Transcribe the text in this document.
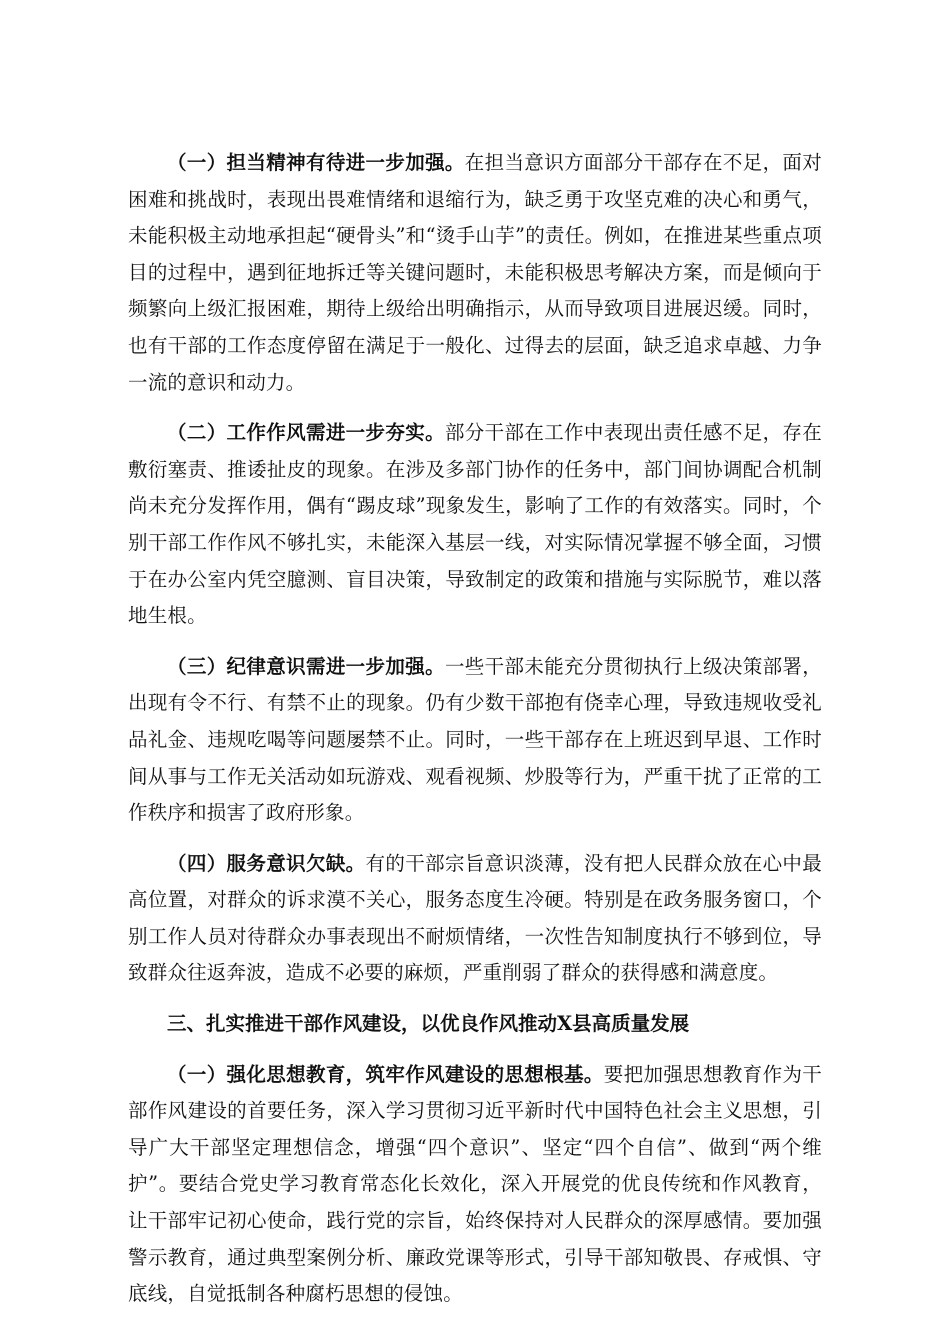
（一）担当精神有待进一步加强。在担当意识方面部分干部存在不足，面对困难和挑战时，表现出畏难情绪和退缩行为，缺乏勇于攻坚克难的决心和勇气，未能积极主动地承担起“硬骨头”和“烫手山芋”的责任。例如，在推进某些重点项目的过程中，遇到征地拆迁等关键问题时，未能积极思考解决方案，而是倾向于频繁向上级汇报困难，期待上级给出明确指示，从而导致项目进展迟缓。同时，也有干部的工作态度停留在满足于一般化、过得去的层面，缺乏追求卓越、力争一流的意识和动力。

（二）工作作风需进一步夯实。部分干部在工作中表现出责任感不足，存在敷衍塞责、推诿扯皮的现象。在涉及多部门协作的任务中，部门间协调配合机制尚未充分发挥作用，偶有“踢皮球”现象发生，影响了工作的有效落实。同时，个别干部工作作风不够扎实，未能深入基层一线，对实际情况掌握不够全面，习惯于在办公室内凭空臆测、盲目决策，导致制定的政策和措施与实际脱节，难以落地生根。

（三）纪律意识需进一步加强。一些干部未能充分贯彻执行上级决策部署，出现有令不行、有禁不止的现象。仍有少数干部抱有侥幸心理，导致违规收受礼品礼金、违规吃喝等问题屡禁不止。同时，一些干部存在上班迟到早退、工作时间从事与工作无关活动如玩游戏、观看视频、炒股等行为，严重干扰了正常的工作秩序和损害了政府形象。

（四）服务意识欠缺。有的干部宗旨意识淡薄，没有把人民群众放在心中最高位置，对群众的诉求漠不关心，服务态度生冷硬。特别是在政务服务窗口，个别工作人员对待群众办事表现出不耐烦情绪，一次性告知制度执行不够到位，导致群众往返奔波，造成不必要的麻烦，严重削弱了群众的获得感和满意度。

三、扎实推进干部作风建设，以优良作风推动X县高质量发展

（一）强化思想教育，筑牢作风建设的思想根基。要把加强思想教育作为干部作风建设的首要任务，深入学习贯彻习近平新时代中国特色社会主义思想，引导广大干部坚定理想信念，增强“四个意识”、坚定“四个自信”、做到“两个维护”。要结合党史学习教育常态化长效化，深入开展党的优良传统和作风教育，让干部牢记初心使命，践行党的宗旨，始终保持对人民群众的深厚感情。要加强警示教育，通过典型案例分析、廉政党课等形式，引导干部知敬畏、存戒惧、守底线，自觉抵制各种腐朽思想的侵蚀。
